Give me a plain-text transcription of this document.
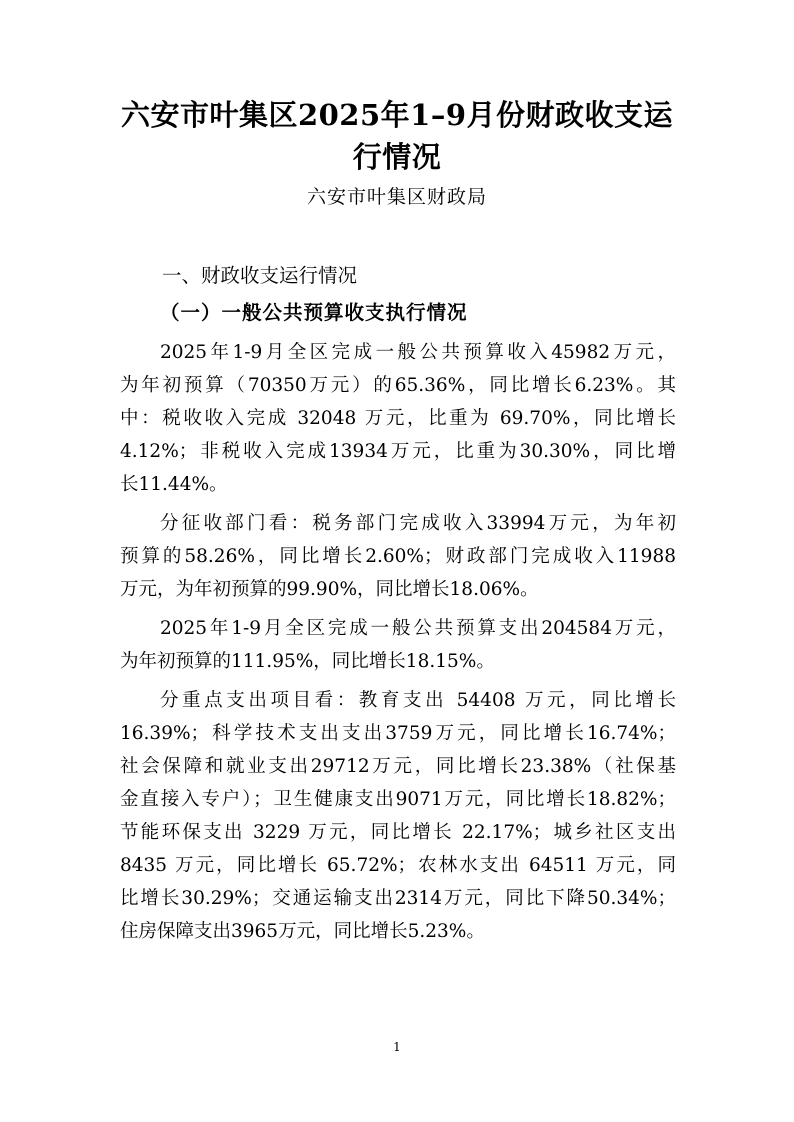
六安市叶集区2025年1–9月份财政收支运
行情况
六安市叶集区财政局
一、财政收支运行情况
（一）一般公共预算收支执行情况
2025年1-9月全区完成一般公共预算收入45982万元，
为年初预算（70350万元）的65.36%，同比增长6.23%。其
中：税收收入完成 32048 万元，比重为 69.70%，同比增长
4.12%；非税收入完成13934万元，比重为30.30%，同比增
长11.44%。
分征收部门看：税务部门完成收入33994万元，为年初
预算的58.26%，同比增长2.60%；财政部门完成收入11988
万元，为年初预算的99.90%，同比增长18.06%。
2025年1-9月全区完成一般公共预算支出204584万元，
为年初预算的111.95%，同比增长18.15%。
分重点支出项目看：教育支出 54408 万元，同比增长
16.39%；科学技术支出支出3759万元，同比增长16.74%；
社会保障和就业支出29712万元，同比增长23.38%（社保基
金直接入专户）；卫生健康支出9071万元，同比增长18.82%；
节能环保支出 3229 万元，同比增长 22.17%；城乡社区支出
8435 万元，同比增长 65.72%；农林水支出 64511 万元，同
比增长30.29%；交通运输支出2314万元，同比下降50.34%；
住房保障支出3965万元，同比增长5.23%。
1
